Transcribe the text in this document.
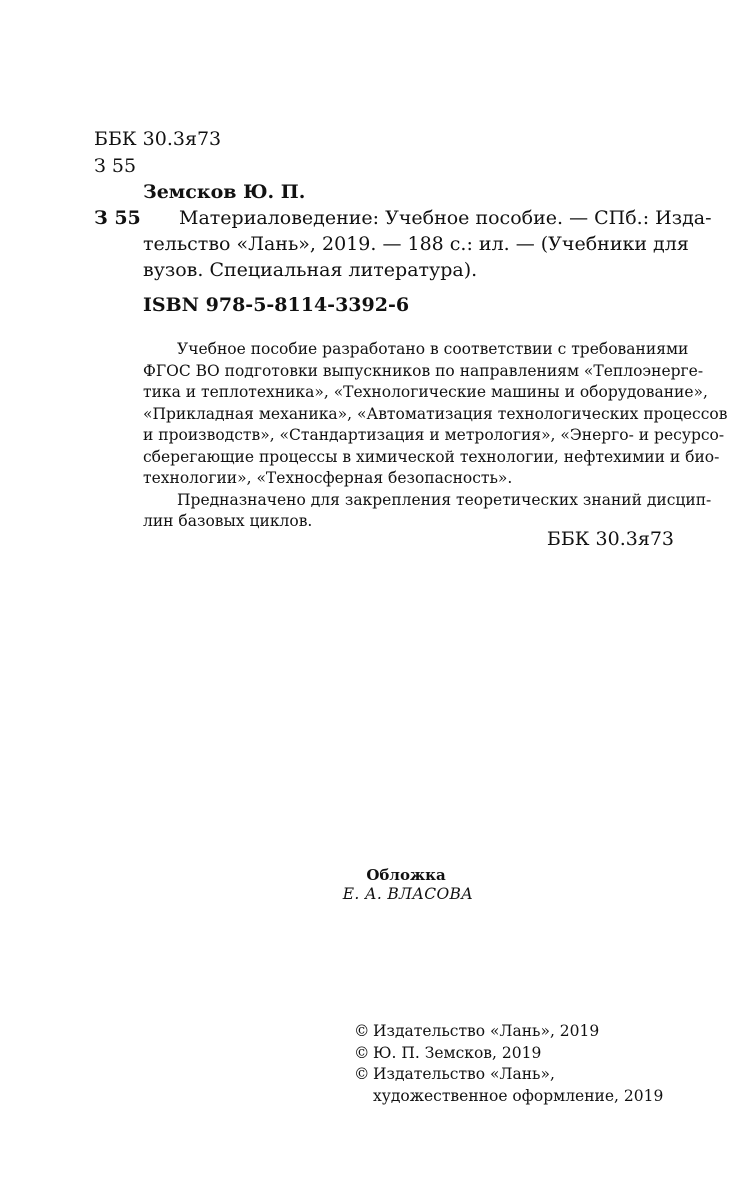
ББК 30.3я73
З 55
Земсков Ю. П.
З 55	Материаловедение: Учебное пособие. — СПб.: Изда-
тельство «Лань», 2019. — 188 с.: ил. — (Учебники для
вузов. Специальная литература).
ISBN 978-5-8114-3392-6
Учебное пособие разработано в соответствии с требованиями
ФГОС ВО подготовки выпускников по направлениям «Теплоэнерге-
тика и теплотехника», «Технологические машины и оборудование»,
«Прикладная механика», «Автоматизация технологических процессов
и производств», «Стандартизация и метрология», «Энерго- и ресурсо-
сберегающие процессы в химической технологии, нефтехимии и био-
технологии», «Техносферная безопасность».
Предназначено для закрепления теоретических знаний дисцип-
лин базовых циклов.
ББК 30.3я73
Обложка
Е. А. ВЛАСОВА
© Издательство «Лань», 2019
© Ю. П. Земсков, 2019
© Издательство «Лань»,
художественное оформление, 2019
